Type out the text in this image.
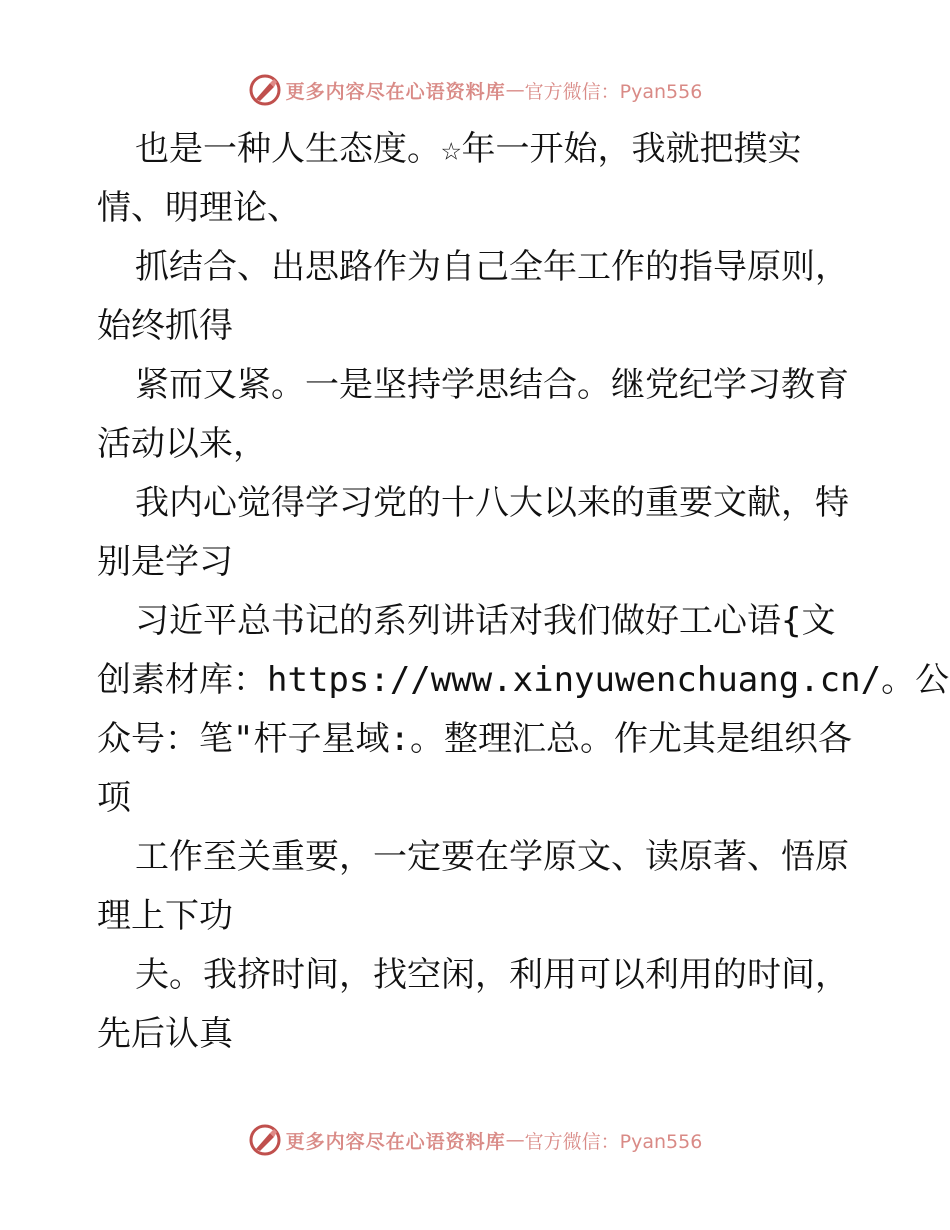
更多内容尽在心语资料库 — 官方微信：Pyan556
也是一种人生态度。☆年一开始，我就把摸实
情、明理论、
抓结合、出思路作为自己全年工作的指导原则，
始终抓得
紧而又紧。一是坚持学思结合。继党纪学习教育
活动以来，
我内心觉得学习党的十八大以来的重要文献，特
别是学习
习近平总书记的系列讲话对我们做好工心语{文
创素材库：https://www.xinyuwenchuang.cn/。公
众号：笔"杆子星域:。整理汇总。作尤其是组织各
项
工作至关重要，一定要在学原文、读原著、悟原
理上下功
夫。我挤时间，找空闲，利用可以利用的时间，
先后认真
更多内容尽在心语资料库 — 官方微信：Pyan556
